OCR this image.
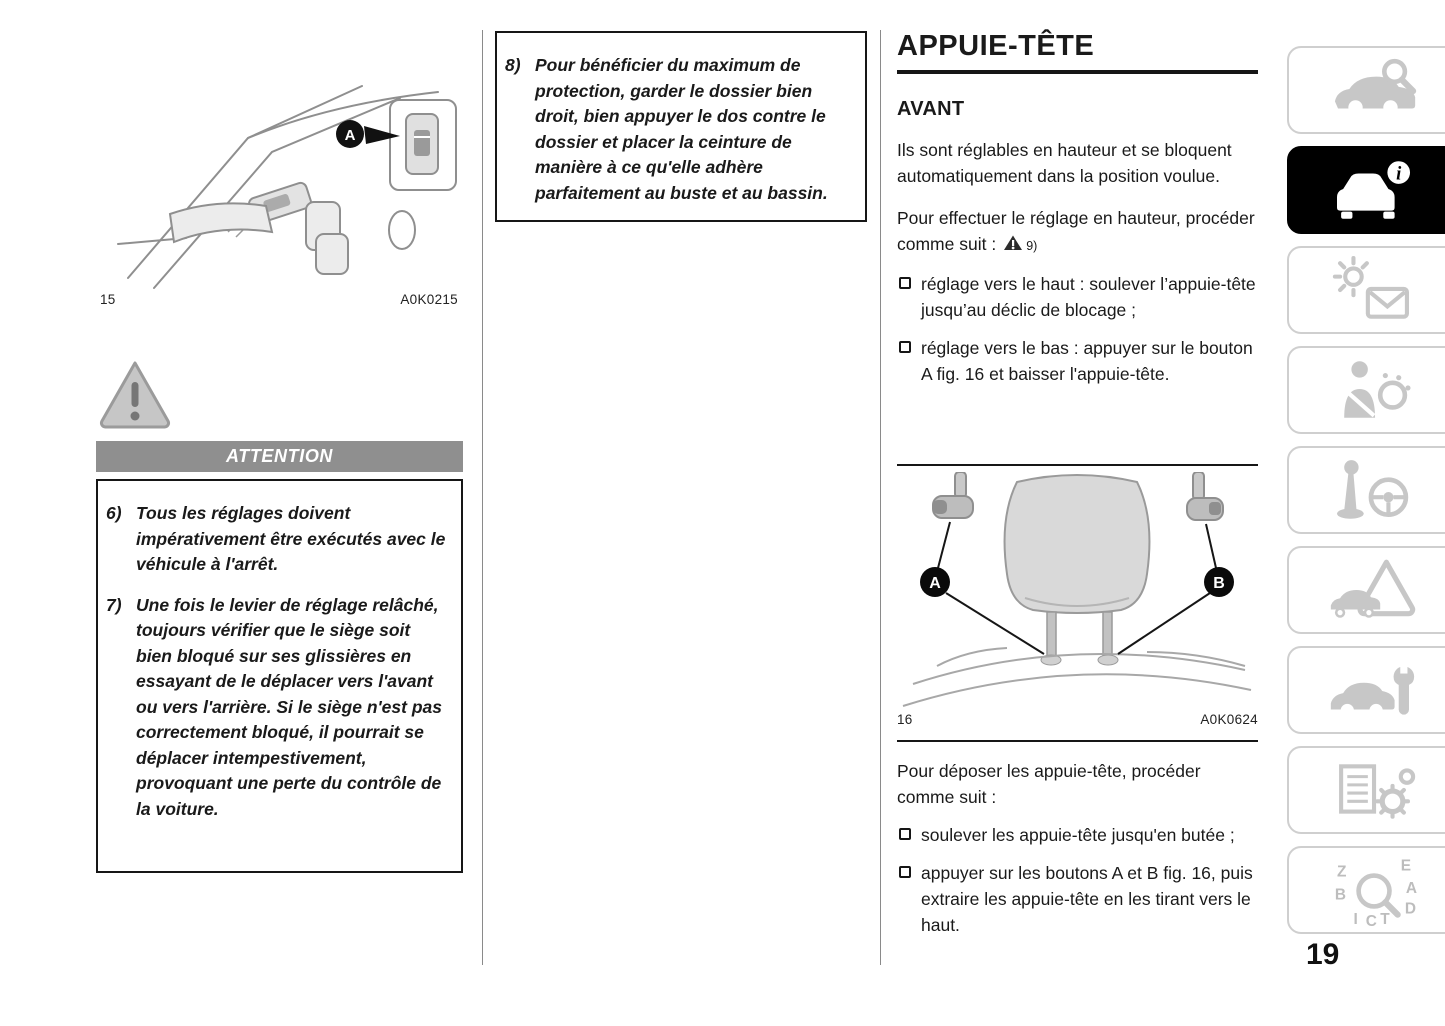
A
15	A0K0215
ATTENTION
6) Tous les réglages doivent impérativement être exécutés avec le véhicule à l'arrêt.
7) Une fois le levier de réglage relâché, toujours vérifier que le siège soit bien bloqué sur ses glissières en essayant de le déplacer vers l'avant ou vers l'arrière. Si le siège n'est pas correctement bloqué, il pourrait se déplacer intempestivement, provoquant une perte du contrôle de la voiture.
8) Pour bénéficier du maximum de protection, garder le dossier bien droit, bien appuyer le dos contre le dossier et placer la ceinture de manière à ce qu'elle adhère parfaitement au buste et au bassin.
APPUIE-TÊTE
AVANT
Ils sont réglables en hauteur et se bloquent automatiquement dans la position voulue.
Pour effectuer le réglage en hauteur, procéder comme suit : 9)
réglage vers le haut : soulever l’appuie-tête jusqu’au déclic de blocage ;
réglage vers le bas : appuyer sur le bouton A fig. 16 et baisser l'appuie-tête.
A	B
16	A0K0624
Pour déposer les appuie-tête, procéder comme suit :
soulever les appuie-tête jusqu'en butée ;
appuyer sur les boutons A et B fig. 16, puis extraire les appuie-tête en les tirant vers le haut.
i
Z
B
E
A
D
I C T
19
